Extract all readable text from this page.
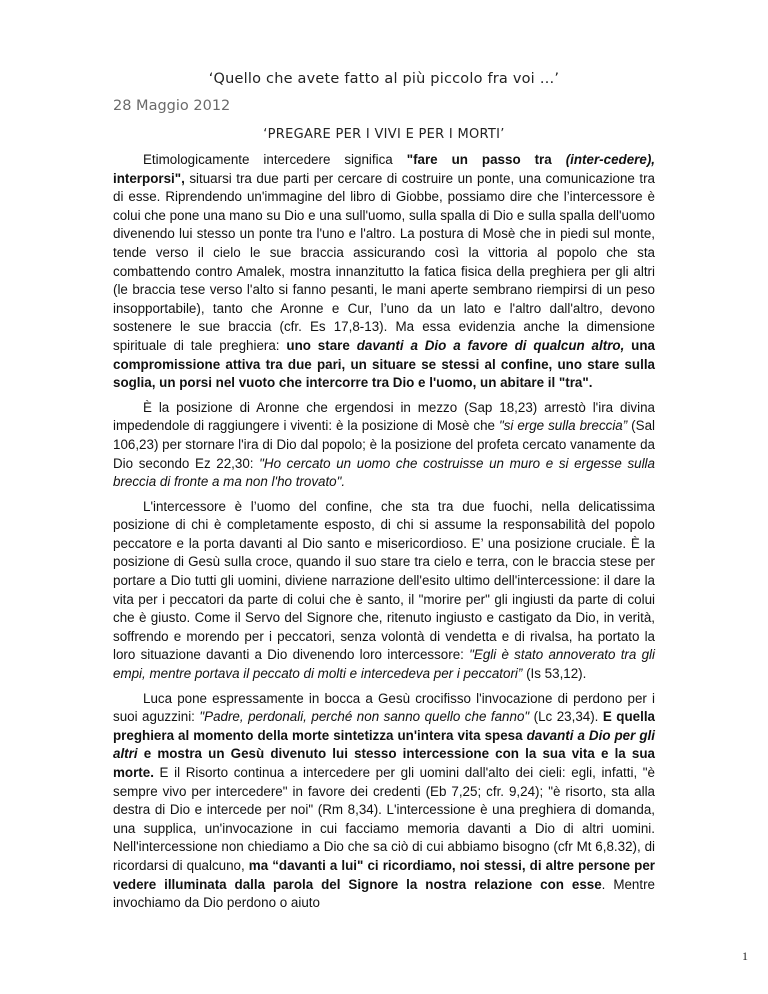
‘Quello che avete fatto al più piccolo fra voi …’
28 Maggio 2012
‘PREGARE PER I VIVI E PER I MORTI’

Etimologicamente intercedere significa "fare un passo tra (inter-cedere), interporsi", situarsi tra due parti per cercare di costruire un ponte, una comunicazione tra di esse. Riprendendo un'immagine del libro di Giobbe, possiamo dire che l’intercessore è colui che pone una mano su Dio e una sull'uomo, sulla spalla di Dio e sulla spalla dell'uomo divenendo lui stesso un ponte tra l'uno e l'altro. La postura di Mosè che in piedi sul monte, tende verso il cielo le sue braccia assicurando così la vittoria al popolo che sta combattendo contro Amalek, mostra innanzitutto la fatica fisica della preghiera per gli altri (le braccia tese verso l'alto si fanno pesanti, le mani aperte sembrano riempirsi di un peso insopportabile), tanto che Aronne e Cur, l’uno da un lato e l'altro dall'altro, devono sostenere le sue braccia (cfr. Es 17,8-13). Ma essa evidenzia anche la dimensione spirituale di tale preghiera: uno stare davanti a Dio a favore di qualcun altro, una compromissione attiva tra due pari, un situare se stessi al confine, uno stare sulla soglia, un porsi nel vuoto che intercorre tra Dio e l'uomo, un abitare il "tra".

È la posizione di Aronne che ergendosi in mezzo (Sap 18,23) arrestò l'ira divina impedendole di raggiungere i viventi: è la posizione di Mosè che "si erge sulla breccia” (Sal 106,23) per stornare l'ira di Dio dal popolo; è la posizione del profeta cercato vanamente da Dio secondo Ez 22,30: "Ho cercato un uomo che costruisse un muro e si ergesse sulla breccia di fronte a ma non l'ho trovato".

L'intercessore è l’uomo del confine, che sta tra due fuochi, nella delicatissima posizione di chi è completamente esposto, di chi si assume la responsabilità del popolo peccatore e la porta davanti al Dio santo e misericordioso. E’ una posizione cruciale. È la posizione di Gesù sulla croce, quando il suo stare tra cielo e terra, con le braccia stese per portare a Dio tutti gli uomini, diviene narrazione dell'esito ultimo dell'intercessione: il dare la vita per i peccatori da parte di colui che è santo, il "morire per" gli ingiusti da parte di colui che è giusto. Come il Servo del Signore che, ritenuto ingiusto e castigato da Dio, in verità, soffrendo e morendo per i peccatori, senza volontà di vendetta e di rivalsa, ha portato la loro situazione davanti a Dio divenendo loro intercessore: "Egli è stato annoverato tra gli empi, mentre portava il peccato di molti e intercedeva per i peccatori” (Is 53,12).

Luca pone espressamente in bocca a Gesù crocifisso l'invocazione di perdono per i suoi aguzzini: "Padre, perdonali, perché non sanno quello che fanno" (Lc 23,34). E quella preghiera al momento della morte sintetizza un'intera vita spesa davanti a Dio per gli altri e mostra un Gesù divenuto lui stesso intercessione con la sua vita e la sua morte. E il Risorto continua a intercedere per gli uomini dall'alto dei cieli: egli, infatti, "è sempre vivo per intercedere" in favore dei credenti (Eb 7,25; cfr. 9,24); "è risorto, sta alla destra di Dio e intercede per noi" (Rm 8,34). L'intercessione è una preghiera di domanda, una supplica, un'invocazione in cui facciamo memoria davanti a Dio di altri uomini. Nell'intercessione non chiediamo a Dio che sa ciò di cui abbiamo bisogno (cfr Mt 6,8.32), di ricordarsi di qualcuno, ma “davanti a lui" ci ricordiamo, noi stessi, di altre persone per vedere illuminata dalla parola del Signore la nostra relazione con esse. Mentre invochiamo da Dio perdono o aiuto

1
